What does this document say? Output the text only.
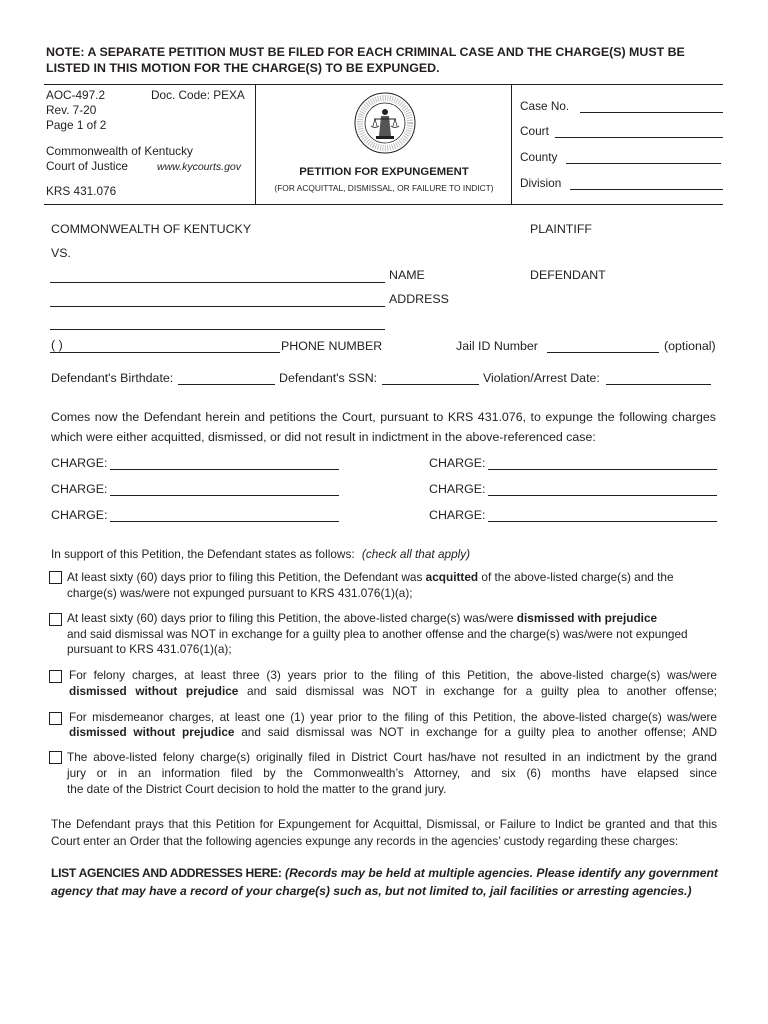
NOTE: A SEPARATE PETITION MUST BE FILED FOR EACH CRIMINAL CASE AND THE CHARGE(S) MUST BE LISTED IN THIS MOTION FOR THE CHARGE(S) TO BE EXPUNGED.
AOC-497.2	Doc. Code: PEXA
Rev. 7-20
Page 1 of 2
Commonwealth of Kentucky
Court of Justice	www.kycourts.gov
KRS 431.076
PETITION FOR EXPUNGEMENT
(FOR ACQUITTAL, DISMISSAL, OR FAILURE TO INDICT)
Case No.
Court
County
Division
COMMONWEALTH OF KENTUCKY	PLAINTIFF
VS.
NAME	DEFENDANT
ADDRESS
( )	PHONE NUMBER	Jail ID Number	(optional)
Defendant's Birthdate:	Defendant's SSN:	Violation/Arrest Date:
Comes now the Defendant herein and petitions the Court, pursuant to KRS 431.076, to expunge the following charges
which were either acquitted, dismissed, or did not result in indictment in the above-referenced case:
CHARGE:	CHARGE:
CHARGE:	CHARGE:
CHARGE:	CHARGE:
In support of this Petition, the Defendant states as follows: (check all that apply)
At least sixty (60) days prior to filing this Petition, the Defendant was acquitted of the above-listed charge(s) and the
charge(s) was/were not expunged pursuant to KRS 431.076(1)(a);
At least sixty (60) days prior to filing this Petition, the above-listed charge(s) was/were dismissed with prejudice
and said dismissal was NOT in exchange for a guilty plea to another offense and the charge(s) was/were not expunged
pursuant to KRS 431.076(1)(a);
For felony charges, at least three (3) years prior to the filing of this Petition, the above-listed charge(s) was/were
dismissed without prejudice and said dismissal was NOT in exchange for a guilty plea to another offense;
For misdemeanor charges, at least one (1) year prior to the filing of this Petition, the above-listed charge(s) was/were
dismissed without prejudice and said dismissal was NOT in exchange for a guilty plea to another offense; AND
The above-listed felony charge(s) originally filed in District Court has/have not resulted in an indictment by the grand
jury or in an information filed by the Commonwealth’s Attorney, and six (6) months have elapsed since
the date of the District Court decision to hold the matter to the grand jury.
The Defendant prays that this Petition for Expungement for Acquittal, Dismissal, or Failure to Indict be granted and that this
Court enter an Order that the following agencies expunge any records in the agencies’ custody regarding these charges:
LIST AGENCIES AND ADDRESSES HERE: (Records may be held at multiple agencies. Please identify any government
agency that may have a record of your charge(s) such as, but not limited to, jail facilities or arresting agencies.)
